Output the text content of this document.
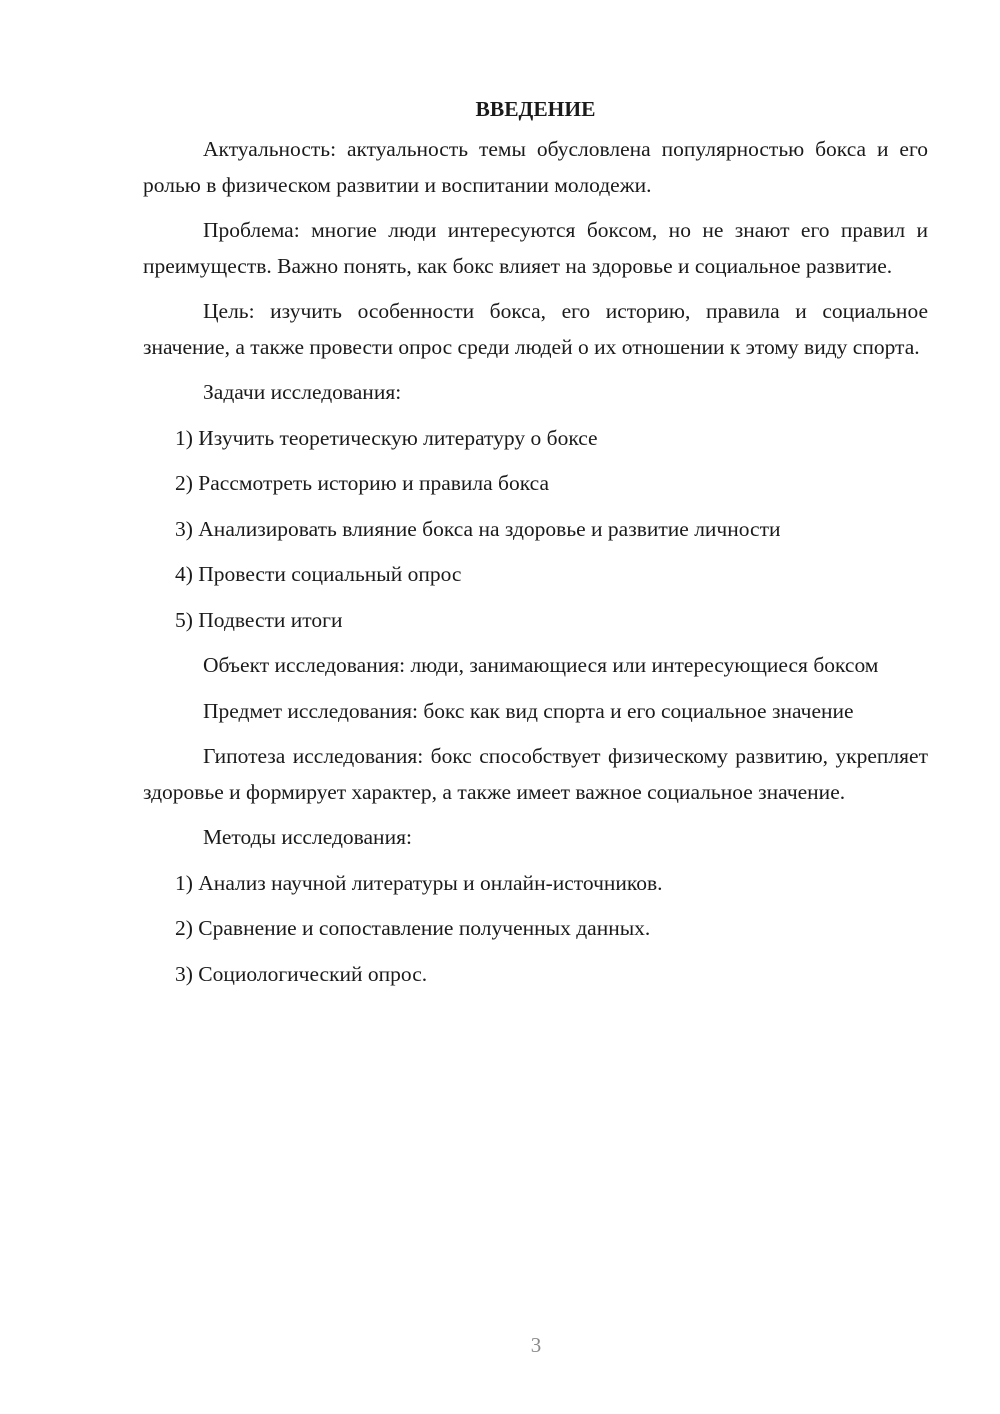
ВВЕДЕНИЕ

Актуальность: актуальность темы обусловлена популярностью бокса и его ролью в физическом развитии и воспитании молодежи.

Проблема: многие люди интересуются боксом, но не знают его правил и преимуществ. Важно понять, как бокс влияет на здоровье и социальное развитие.

Цель: изучить особенности бокса, его историю, правила и социальное значение, а также провести опрос среди людей о их отношении к этому виду спорта.

Задачи исследования:

1) Изучить теоретическую литературу о боксе
2) Рассмотреть историю и правила бокса
3) Анализировать влияние бокса на здоровье и развитие личности
4) Провести социальный опрос
5) Подвести итоги

Объект исследования: люди, занимающиеся или интересующиеся боксом

Предмет исследования: бокс как вид спорта и его социальное значение

Гипотеза исследования: бокс способствует физическому развитию, укрепляет здоровье и формирует характер, а также имеет важное социальное значение.

Методы исследования:

1) Анализ научной литературы и онлайн-источников.
2) Сравнение и сопоставление полученных данных.
3) Социологический опрос.
3
